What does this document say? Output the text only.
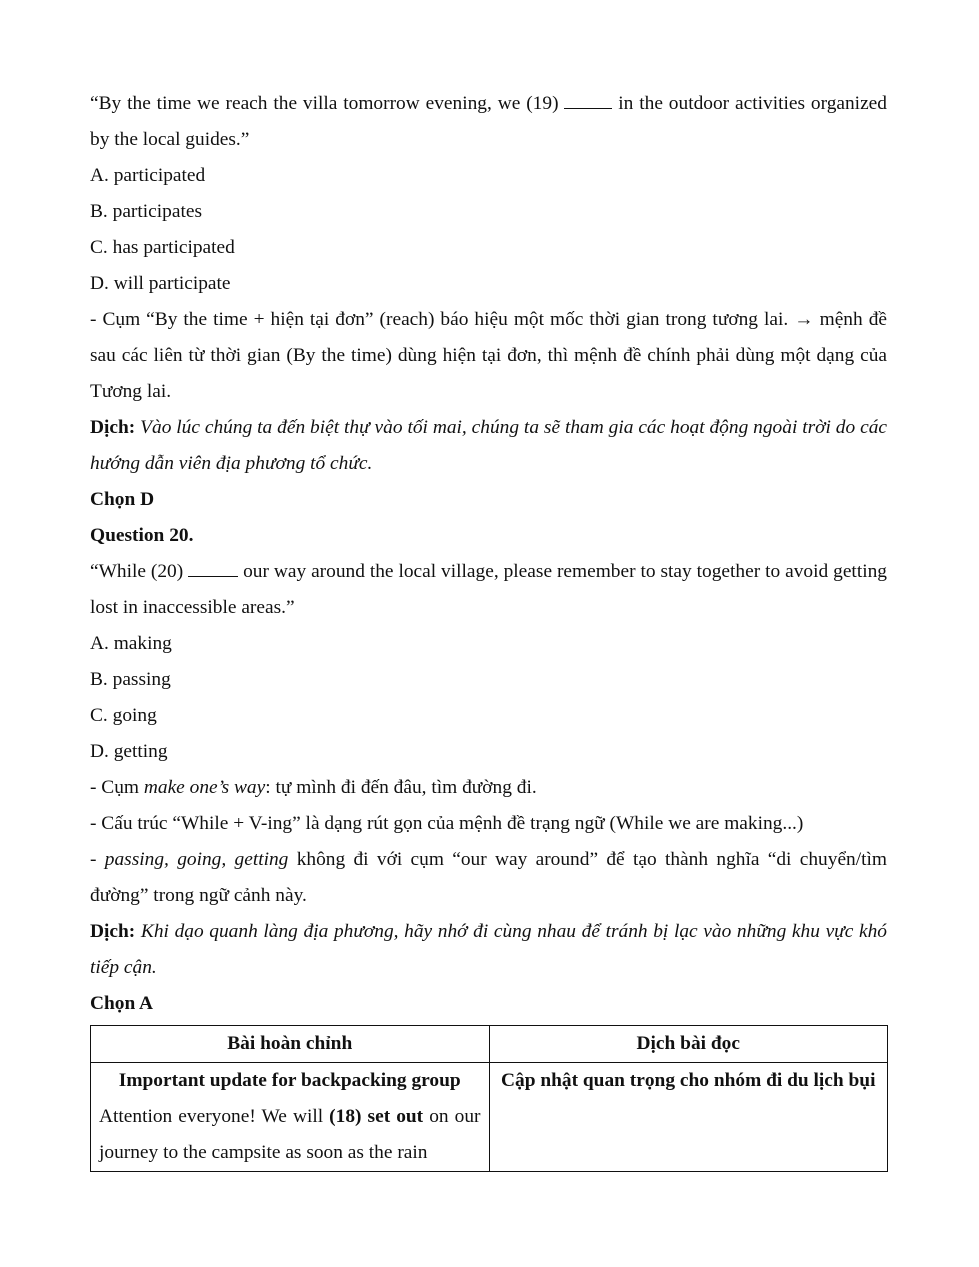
“By the time we reach the villa tomorrow evening, we (19)  in the outdoor activities organized by the local guides.”

A. participated

B. participates

C. has participated

D. will participate

- Cụm “By the time + hiện tại đơn” (reach) báo hiệu một mốc thời gian trong tương lai. → mệnh đề sau các liên từ thời gian (By the time) dùng hiện tại đơn, thì mệnh đề chính phải dùng một dạng của Tương lai.

Dịch: Vào lúc chúng ta đến biệt thự vào tối mai, chúng ta sẽ tham gia các hoạt động ngoài trời do các hướng dẫn viên địa phương tổ chức.

Chọn D

Question 20.

“While (20)	our way around the local village, please remember to stay together to avoid getting lost in inaccessible areas.”

A. making

B. passing

C. going

D. getting

- Cụm make one’s way: tự mình đi đến đâu, tìm đường đi.

- Cấu trúc “While + V-ing” là dạng rút gọn của mệnh đề trạng ngữ (While we are making...)

- passing, going, getting không đi với cụm “our way around” để tạo thành nghĩa “di chuyển/tìm đường” trong ngữ cảnh này.

Dịch: Khi dạo quanh làng địa phương, hãy nhớ đi cùng nhau để tránh bị lạc vào những khu vực khó tiếp cận.

Chọn A

Bài hoàn chỉnh	Dịch bài đọc

Important update for backpacking group
Attention everyone! We will (18) set out on our journey to the campsite as soon as the rain	Cập nhật quan trọng cho nhóm đi du lịch bụi
